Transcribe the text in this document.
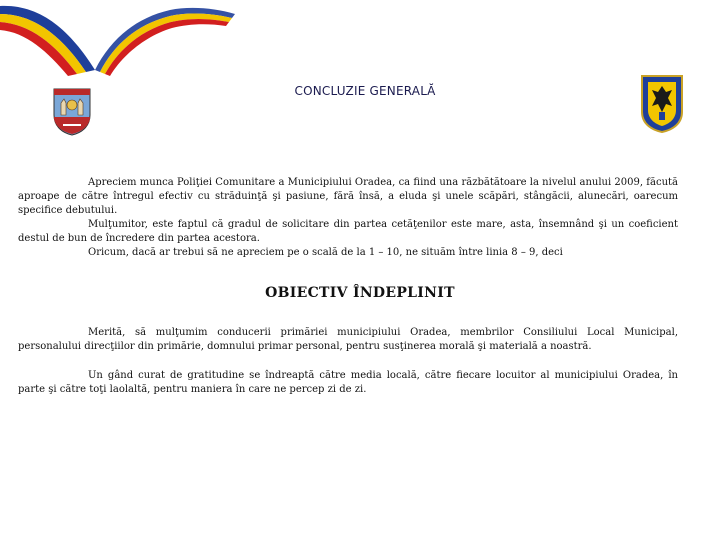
CONCLUZIE GENERALĂ

Apreciem munca Poliţiei Comunitare a Municipiului Oradea, ca fiind una răzbătătoare la nivelul anului 2009, făcută aproape de către întregul efectiv cu străduinţă şi pasiune, fără însă, a eluda şi unele scăpări, stângăcii, alunecări, oarecum specifice debutului.

Mulţumitor, este faptul că gradul de solicitare din partea cetăţenilor este mare, asta, însemnând şi un coeficient destul de bun de încredere din partea acestora.

Oricum, dacă ar trebui să ne apreciem pe o scală de la 1 – 10, ne situăm între linia 8 – 9, deci

OBIECTIV ÎNDEPLINIT

Merită, să mulţumim conducerii primăriei municipiului Oradea, membrilor Consiliului Local Municipal, personalului direcţiilor din primărie, domnului primar personal, pentru susţinerea morală şi materială a noastră.

Un gând curat de gratitudine se îndreaptă către media locală, către fiecare locuitor al municipiului Oradea, în parte şi către toţi laolaltă, pentru maniera în care ne percep zi de zi.
